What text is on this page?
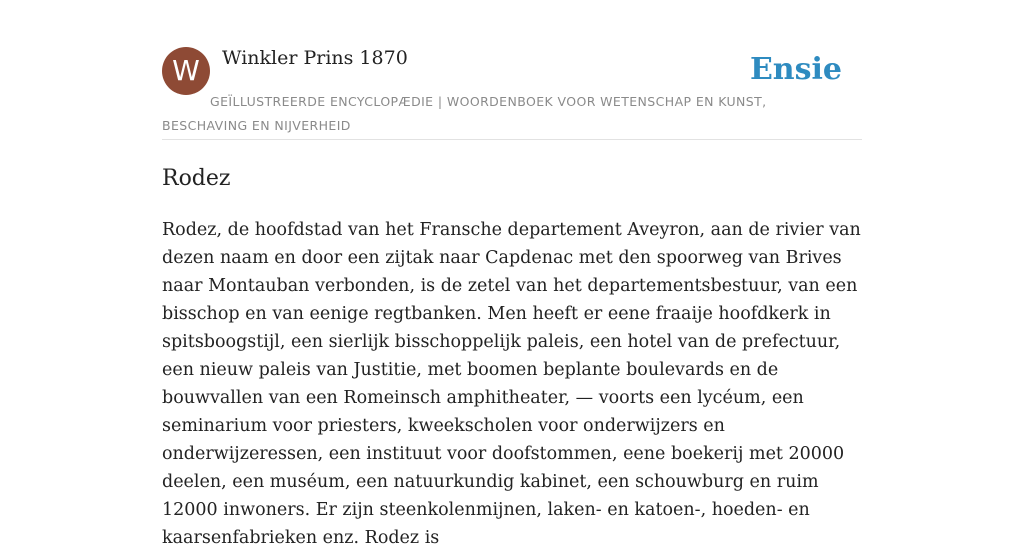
W	Winkler Prins 1870	Ensie
GEÏLLUSTREERDE ENCYCLOPÆDIE | WOORDENBOEK VOOR WETENSCHAP EN KUNST, BESCHAVING EN NIJVERHEID
Rodez

Rodez, de hoofdstad van het Fransche departement Aveyron, aan de rivier van dezen naam en door een zijtak naar Capdenac met den spoorweg van Brives naar Montauban verbonden, is de zetel van het departementsbestuur, van een bisschop en van eenige regtbanken. Men heeft er eene fraaije hoofdkerk in spitsboogstijl, een sierlijk bisschoppelijk paleis, een hotel van de prefectuur, een nieuw paleis van Justitie, met boomen beplante boulevards en de bouwvallen van een Romeinsch amphitheater, — voorts een lycéum, een seminarium voor priesters, kweekscholen voor onderwijzers en onderwijzeressen, een instituut voor doofstommen, eene boekerij met 20000 deelen, een muséum, een natuurkundig kabinet, een schouwburg en ruim 12000 inwoners. Er zijn steenkolenmijnen, laken- en katoen-, hoeden- en kaarsenfabrieken enz. Rodez is
